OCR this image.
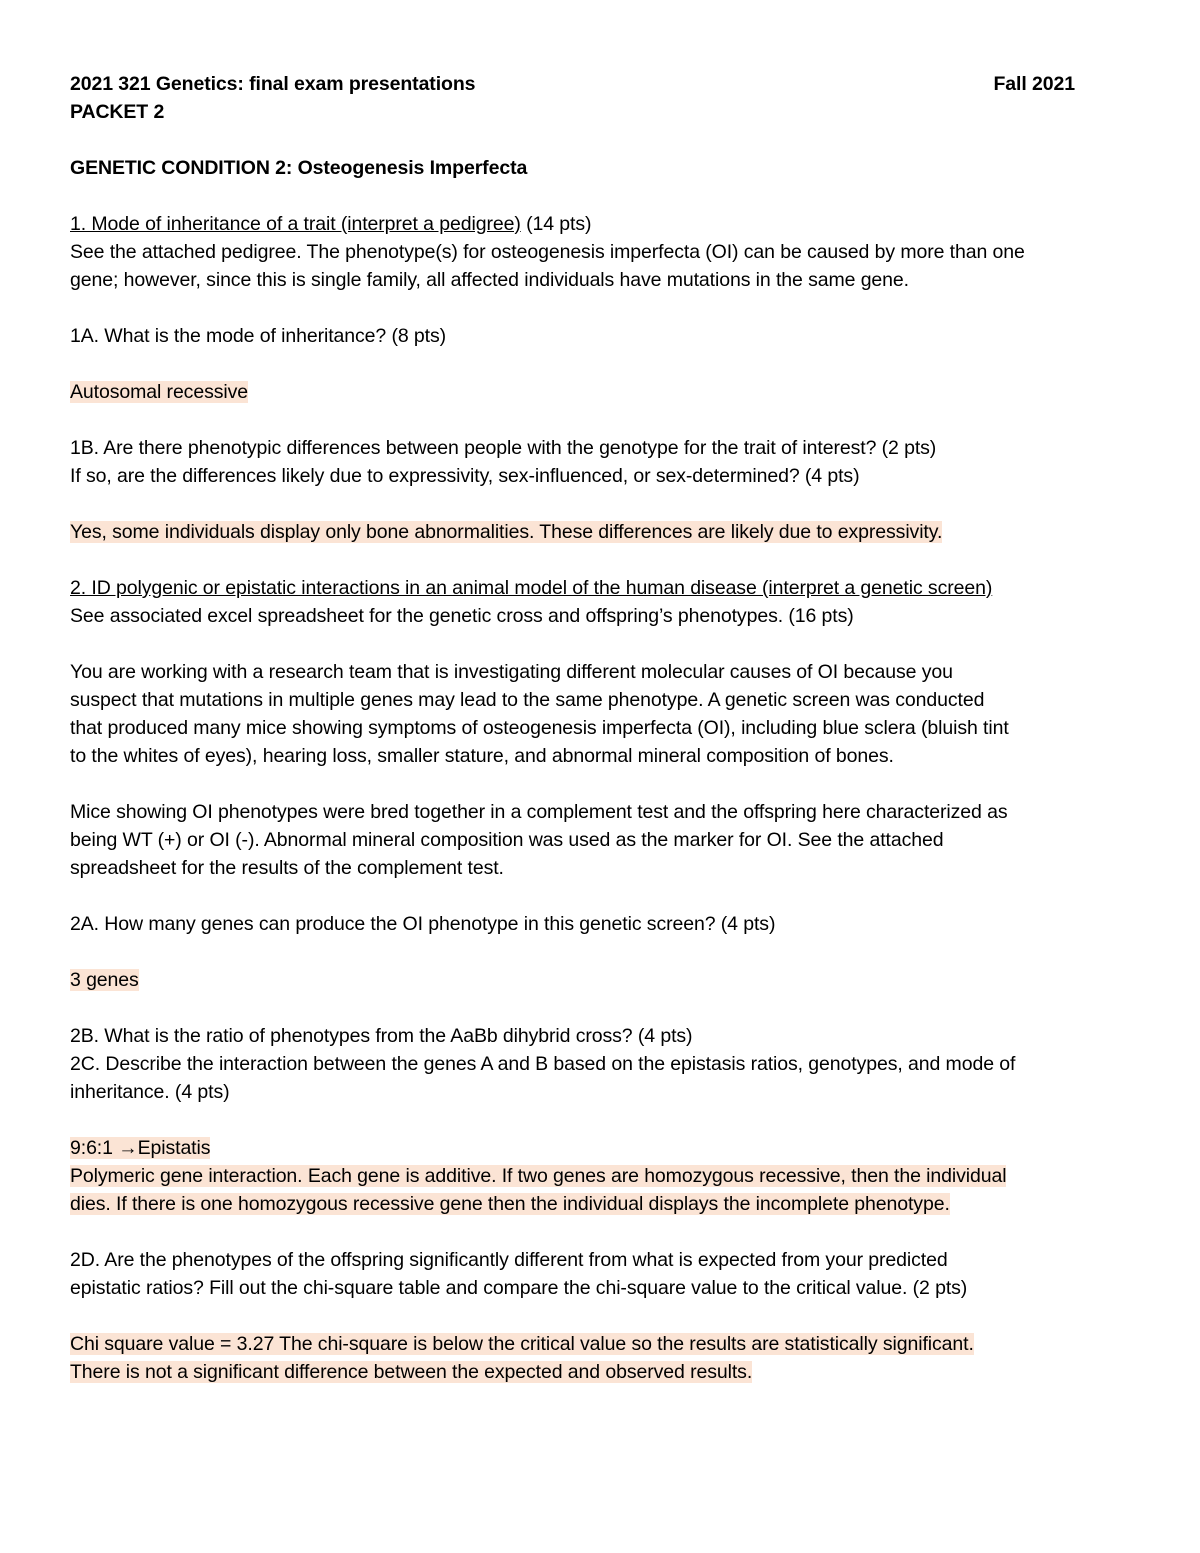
2021 321 Genetics: final exam presentations	Fall 2021
PACKET 2
GENETIC CONDITION 2: Osteogenesis Imperfecta
1. Mode of inheritance of a trait (interpret a pedigree) (14 pts)
See the attached pedigree. The phenotype(s) for osteogenesis imperfecta (OI) can be caused by more than one
gene; however, since this is single family, all affected individuals have mutations in the same gene.
1A. What is the mode of inheritance? (8 pts)
Autosomal recessive
1B. Are there phenotypic differences between people with the genotype for the trait of interest? (2 pts)
If so, are the differences likely due to expressivity, sex-influenced, or sex-determined? (4 pts)
Yes, some individuals display only bone abnormalities. These differences are likely due to expressivity.
2. ID polygenic or epistatic interactions in an animal model of the human disease (interpret a genetic screen)
See associated excel spreadsheet for the genetic cross and offspring’s phenotypes. (16 pts)
You are working with a research team that is investigating different molecular causes of OI because you
suspect that mutations in multiple genes may lead to the same phenotype. A genetic screen was conducted
that produced many mice showing symptoms of osteogenesis imperfecta (OI), including blue sclera (bluish tint
to the whites of eyes), hearing loss, smaller stature, and abnormal mineral composition of bones.
Mice showing OI phenotypes were bred together in a complement test and the offspring here characterized as
being WT (+) or OI (-). Abnormal mineral composition was used as the marker for OI. See the attached
spreadsheet for the results of the complement test.
2A. How many genes can produce the OI phenotype in this genetic screen? (4 pts)
3 genes
2B. What is the ratio of phenotypes from the AaBb dihybrid cross? (4 pts)
2C. Describe the interaction between the genes A and B based on the epistasis ratios, genotypes, and mode of
inheritance. (4 pts)
9:6:1 →Epistatis
Polymeric gene interaction. Each gene is additive. If two genes are homozygous recessive, then the individual
dies. If there is one homozygous recessive gene then the individual displays the incomplete phenotype.
2D. Are the phenotypes of the offspring significantly different from what is expected from your predicted
epistatic ratios? Fill out the chi-square table and compare the chi-square value to the critical value. (2 pts)
Chi square value = 3.27 The chi-square is below the critical value so the results are statistically significant.
There is not a significant difference between the expected and observed results.
